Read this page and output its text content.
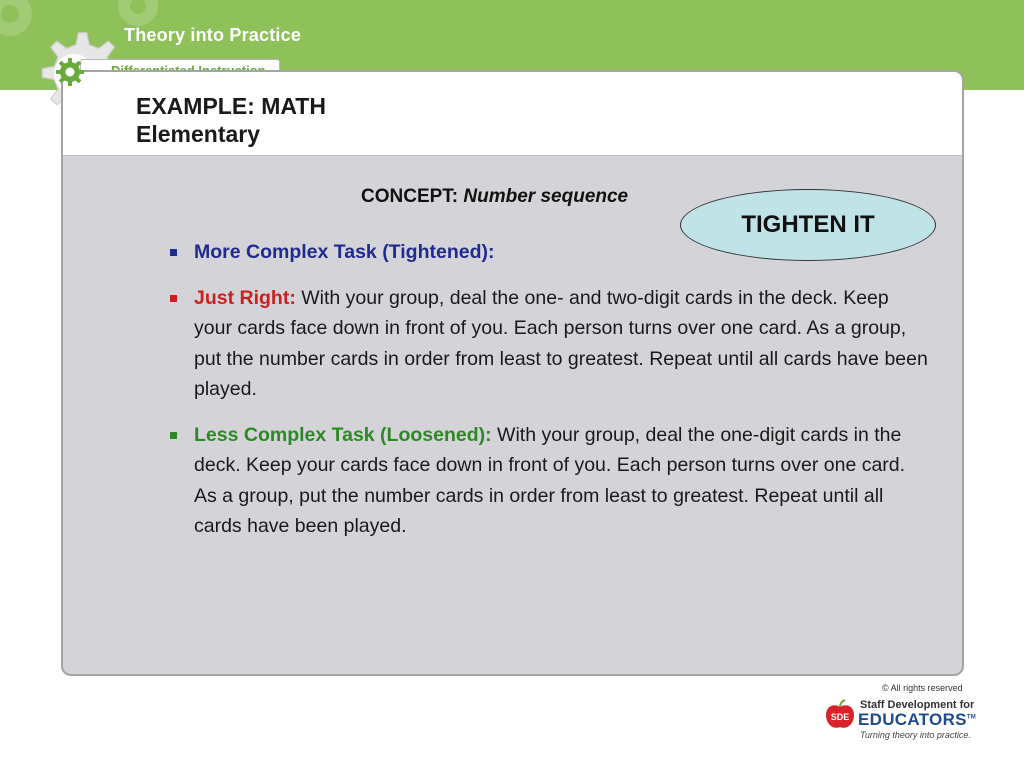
Theory into Practice
EXAMPLE: MATH
Elementary
CONCEPT: Number sequence
TIGHTEN IT
More Complex Task (Tightened):
Just Right: With your group, deal the one- and two-digit cards in the deck. Keep your cards face down in front of you. Each person turns over one card. As a group, put the number cards in order from least to greatest. Repeat until all cards have been played.
Less Complex Task (Loosened): With your group, deal the one-digit cards in the deck. Keep your cards face down in front of you. Each person turns over one card. As a group, put the number cards in order from least to greatest. Repeat until all cards have been played.
© All rights reserved
SDE
Staff Development for
EDUCATORS™
Turning theory into practice.
